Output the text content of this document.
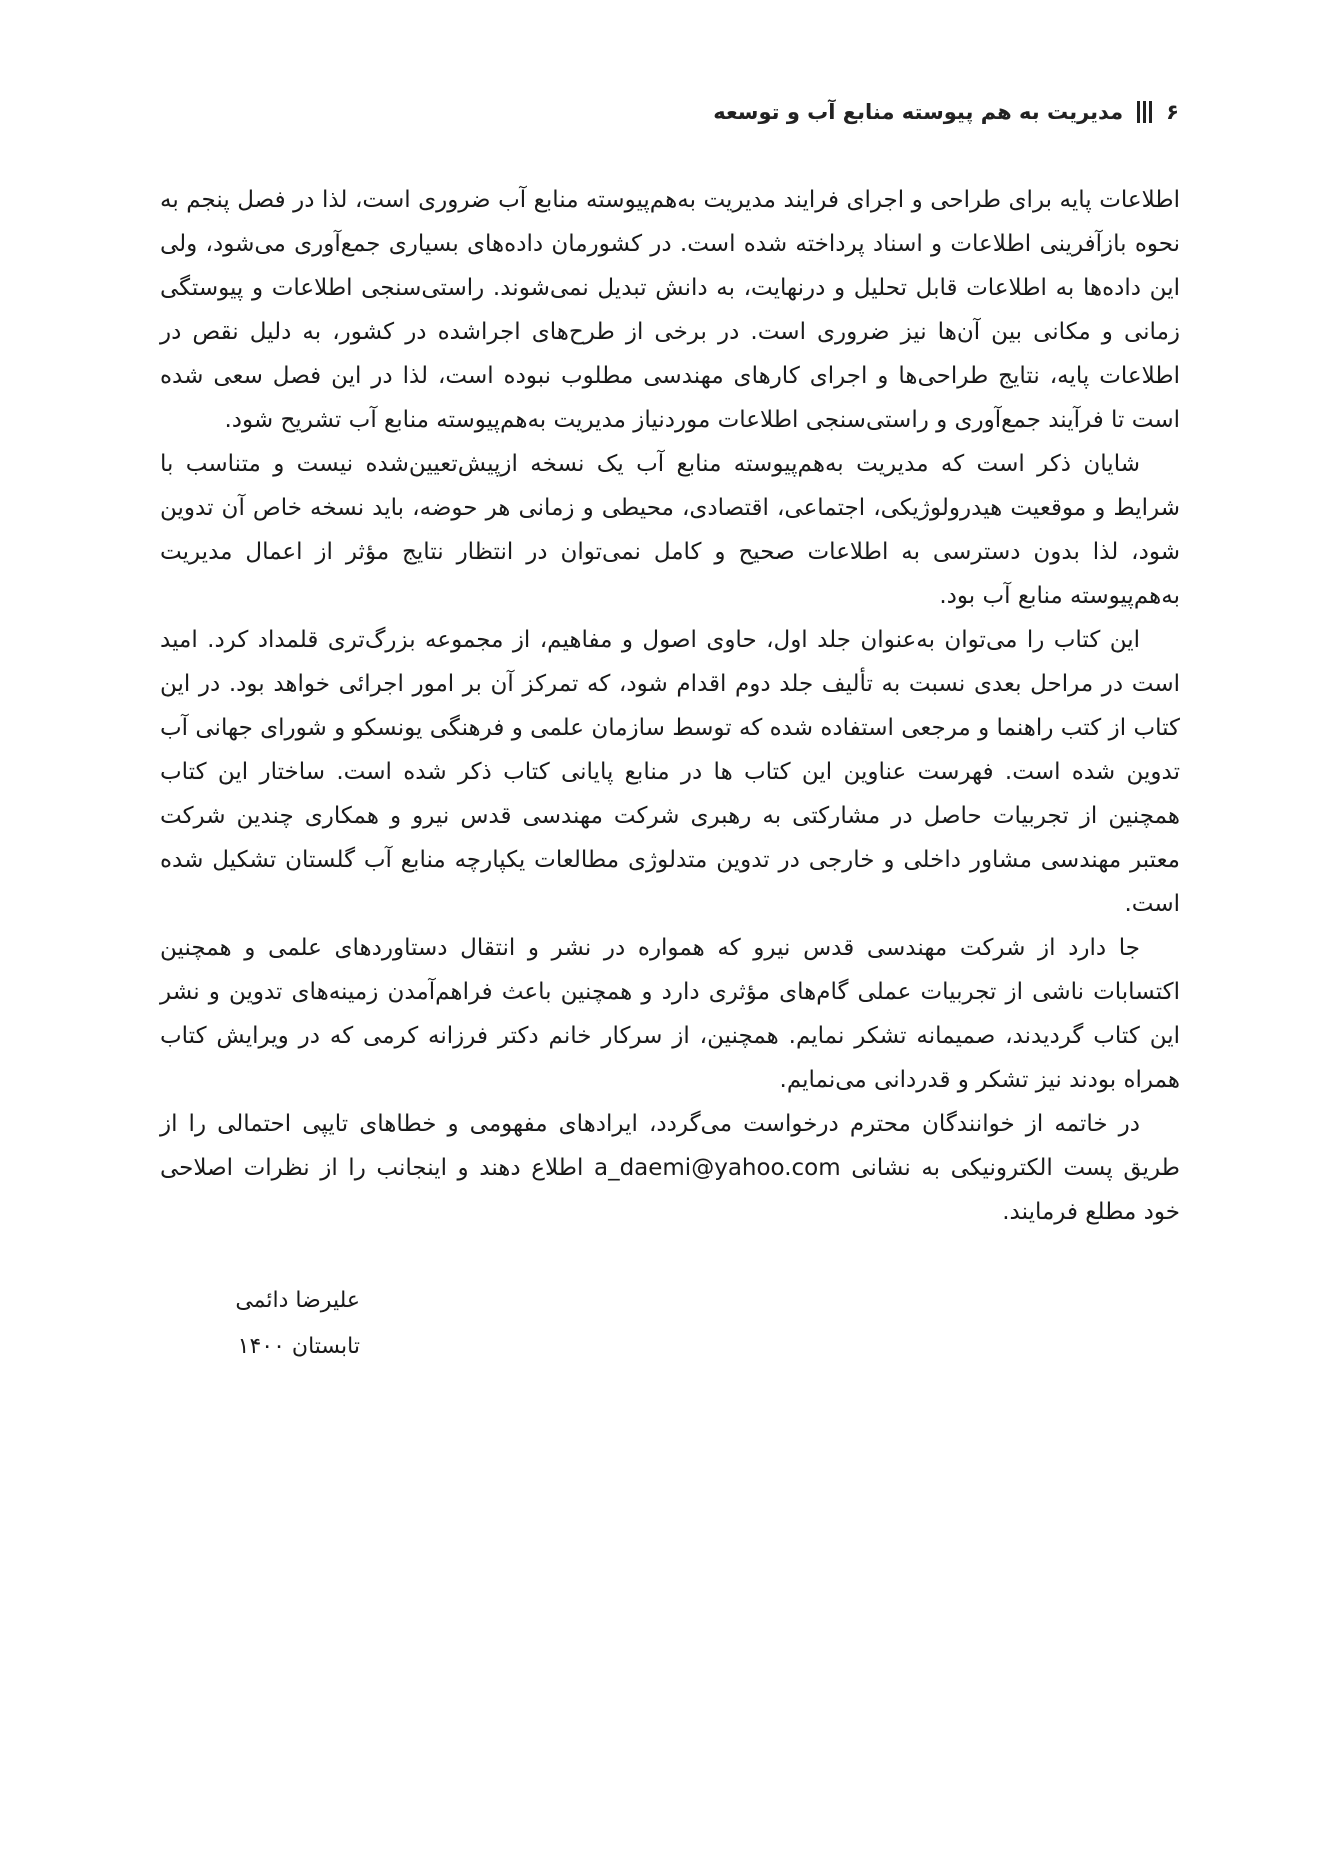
۶
مدیریت به هم پیوسته منابع آب و توسعه

اطلاعات پایه برای طراحی و اجرای فرایند مدیریت به‌هم‌پیوسته منابع آب ضروری است، لذا در فصل پنجم به نحوه بازآفرینی اطلاعات و اسناد پرداخته شده است. در کشورمان داده‌های بسیاری جمع‌آوری می‌شود، ولی این داده‌ها به اطلاعات قابل تحلیل و درنهایت، به دانش تبدیل نمی‌شوند. راستی‌سنجی اطلاعات و پیوستگی زمانی و مکانی بین آن‌ها نیز ضروری است. در برخی از طرح‌های اجراشده در کشور، به دلیل نقص در اطلاعات پایه، نتایج طراحی‌ها و اجرای کارهای مهندسی مطلوب نبوده است، لذا در این فصل سعی شده است تا فرآیند جمع‌آوری و راستی‌سنجی اطلاعات موردنیاز مدیریت به‌هم‌پیوسته منابع آب تشریح شود.

شایان ذکر است که مدیریت به‌هم‌پیوسته منابع آب یک نسخه ازپیش‌تعیین‌شده نیست و متناسب با شرایط و موقعیت هیدرولوژیکی، اجتماعی، اقتصادی، محیطی و زمانی هر حوضه، باید نسخه خاص آن تدوین شود، لذا بدون دسترسی به اطلاعات صحیح و کامل نمی‌توان در انتظار نتایج مؤثر از اعمال مدیریت به‌هم‌پیوسته منابع آب بود.

این کتاب را می‌توان به‌عنوان جلد اول، حاوی اصول و مفاهیم، از مجموعه بزرگ‌تری قلمداد کرد. امید است در مراحل بعدی نسبت به تألیف جلد دوم اقدام شود، که تمرکز آن بر امور اجرائی خواهد بود. در این کتاب از کتب راهنما و مرجعی استفاده شده که توسط سازمان علمی و فرهنگی یونسکو و شورای جهانی آب تدوین شده است. فهرست عناوین این کتاب ها در منابع پایانی کتاب ذکر شده است. ساختار این کتاب همچنین از تجربیات حاصل در مشارکتی به رهبری شرکت مهندسی قدس نیرو و همکاری چندین شرکت معتبر مهندسی مشاور داخلی و خارجی در تدوین متدلوژی مطالعات یکپارچه منابع آب گلستان تشکیل شده است.

جا دارد از شرکت مهندسی قدس نیرو که همواره در نشر و انتقال دستاوردهای علمی و همچنین اکتسابات ناشی از تجربیات عملی گام‌های مؤثری دارد و همچنین باعث فراهم‌آمدن زمینه‌های تدوین و نشر این کتاب گردیدند، صمیمانه تشکر نمایم. همچنین، از سرکار خانم دکتر فرزانه کرمی که در ویرایش کتاب همراه بودند نیز تشکر و قدردانی می‌نمایم.

در خاتمه از خوانندگان محترم درخواست می‌گردد، ایرادهای مفهومی و خطاهای تایپی احتمالی را از طریق پست الکترونیکی به نشانی a_daemi@yahoo.com اطلاع دهند و اینجانب را از نظرات اصلاحی خود مطلع فرمایند.

علیرضا دائمی
تابستان ۱۴۰۰
